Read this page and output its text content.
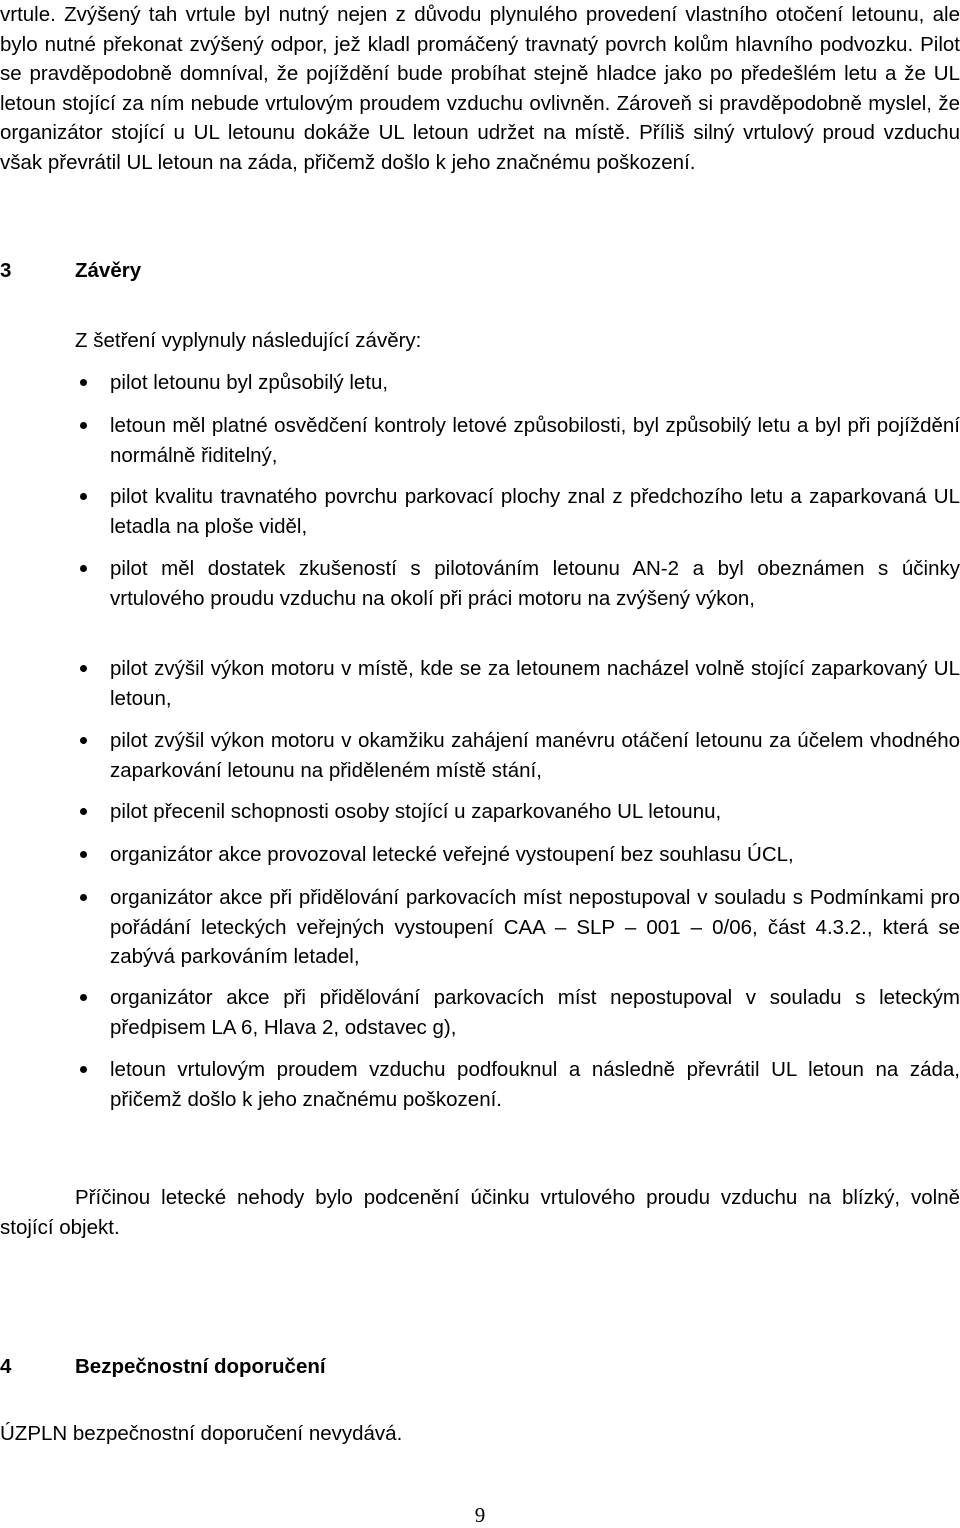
vrtule. Zvýšený tah vrtule byl nutný nejen z důvodu plynulého provedení vlastního otočení letounu, ale bylo nutné překonat zvýšený odpor, jež kladl promáčený travnatý povrch kolům hlavního podvozku. Pilot se pravděpodobně domníval, že pojíždění bude probíhat stejně hladce jako po předešlém letu a že UL letoun stojící za ním nebude vrtulovým proudem vzduchu ovlivněn. Zároveň si pravděpodobně myslel, že organizátor stojící u UL letounu dokáže UL letoun udržet na místě. Příliš silný vrtulový proud vzduchu však převrátil UL letoun na záda, přičemž došlo k jeho značnému poškození.

3	Závěry

Z šetření vyplynuly následující závěry:

pilot letounu byl způsobilý letu,
letoun měl platné osvědčení kontroly letové způsobilosti, byl způsobilý letu a byl při pojíždění normálně řiditelný,
pilot kvalitu travnatého povrchu parkovací plochy znal z předchozího letu a zaparkovaná UL letadla na ploše viděl,
pilot měl dostatek zkušeností s pilotováním letounu AN-2 a byl obeznámen s účinky vrtulového proudu vzduchu na okolí při práci motoru na zvýšený výkon,
pilot zvýšil výkon motoru v místě, kde se za letounem nacházel volně stojící zaparkovaný UL letoun,
pilot zvýšil výkon motoru v okamžiku zahájení manévru otáčení letounu za účelem vhodného zaparkování letounu na přiděleném místě stání,
pilot přecenil schopnosti osoby stojící u zaparkovaného UL letounu,
organizátor akce provozoval letecké veřejné vystoupení bez souhlasu ÚCL,
organizátor akce při přidělování parkovacích míst nepostupoval v souladu s Podmínkami pro pořádání leteckých veřejných vystoupení CAA – SLP – 001 – 0/06, část 4.3.2., která se zabývá parkováním letadel,
organizátor akce při přidělování parkovacích míst nepostupoval v souladu s leteckým předpisem LA 6, Hlava 2, odstavec g),
letoun vrtulovým proudem vzduchu podfouknul a následně převrátil UL letoun na záda, přičemž došlo k jeho značnému poškození.

Příčinou letecké nehody bylo podcenění účinku vrtulového proudu vzduchu na blízký, volně stojící objekt.

4	Bezpečnostní doporučení

ÚZPLN bezpečnostní doporučení nevydává.

9
